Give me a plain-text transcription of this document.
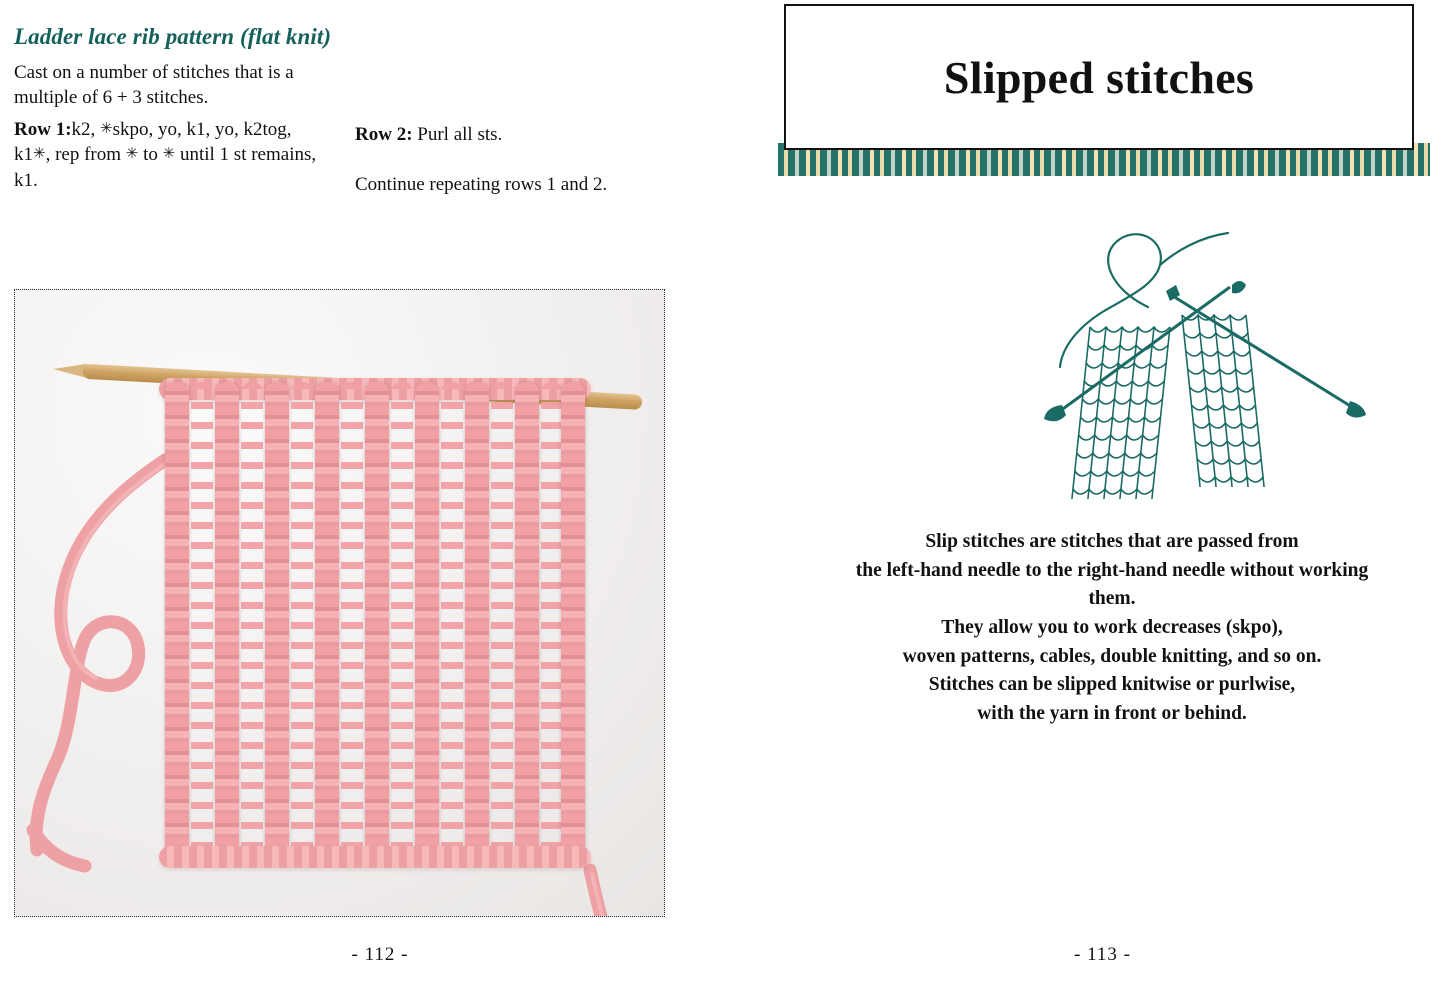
Ladder lace rib pattern (flat knit)
Cast on a number of stitches that is a multiple of 6 + 3 stitches.
Row 1:k2, ✳skpo, yo, k1, yo, k2tog, k1✳, rep from ✳ to ✳ until 1 st remains, k1.
Row 2: Purl all sts.
Continue repeating rows 1 and 2.
- 112 -
Slipped stitches
Slip stitches are stitches that are passed from
the left-hand needle to the right-hand needle without working them.
They allow you to work decreases (skpo),
woven patterns, cables, double knitting, and so on.
Stitches can be slipped knitwise or purlwise,
with the yarn in front or behind.
- 113 -
